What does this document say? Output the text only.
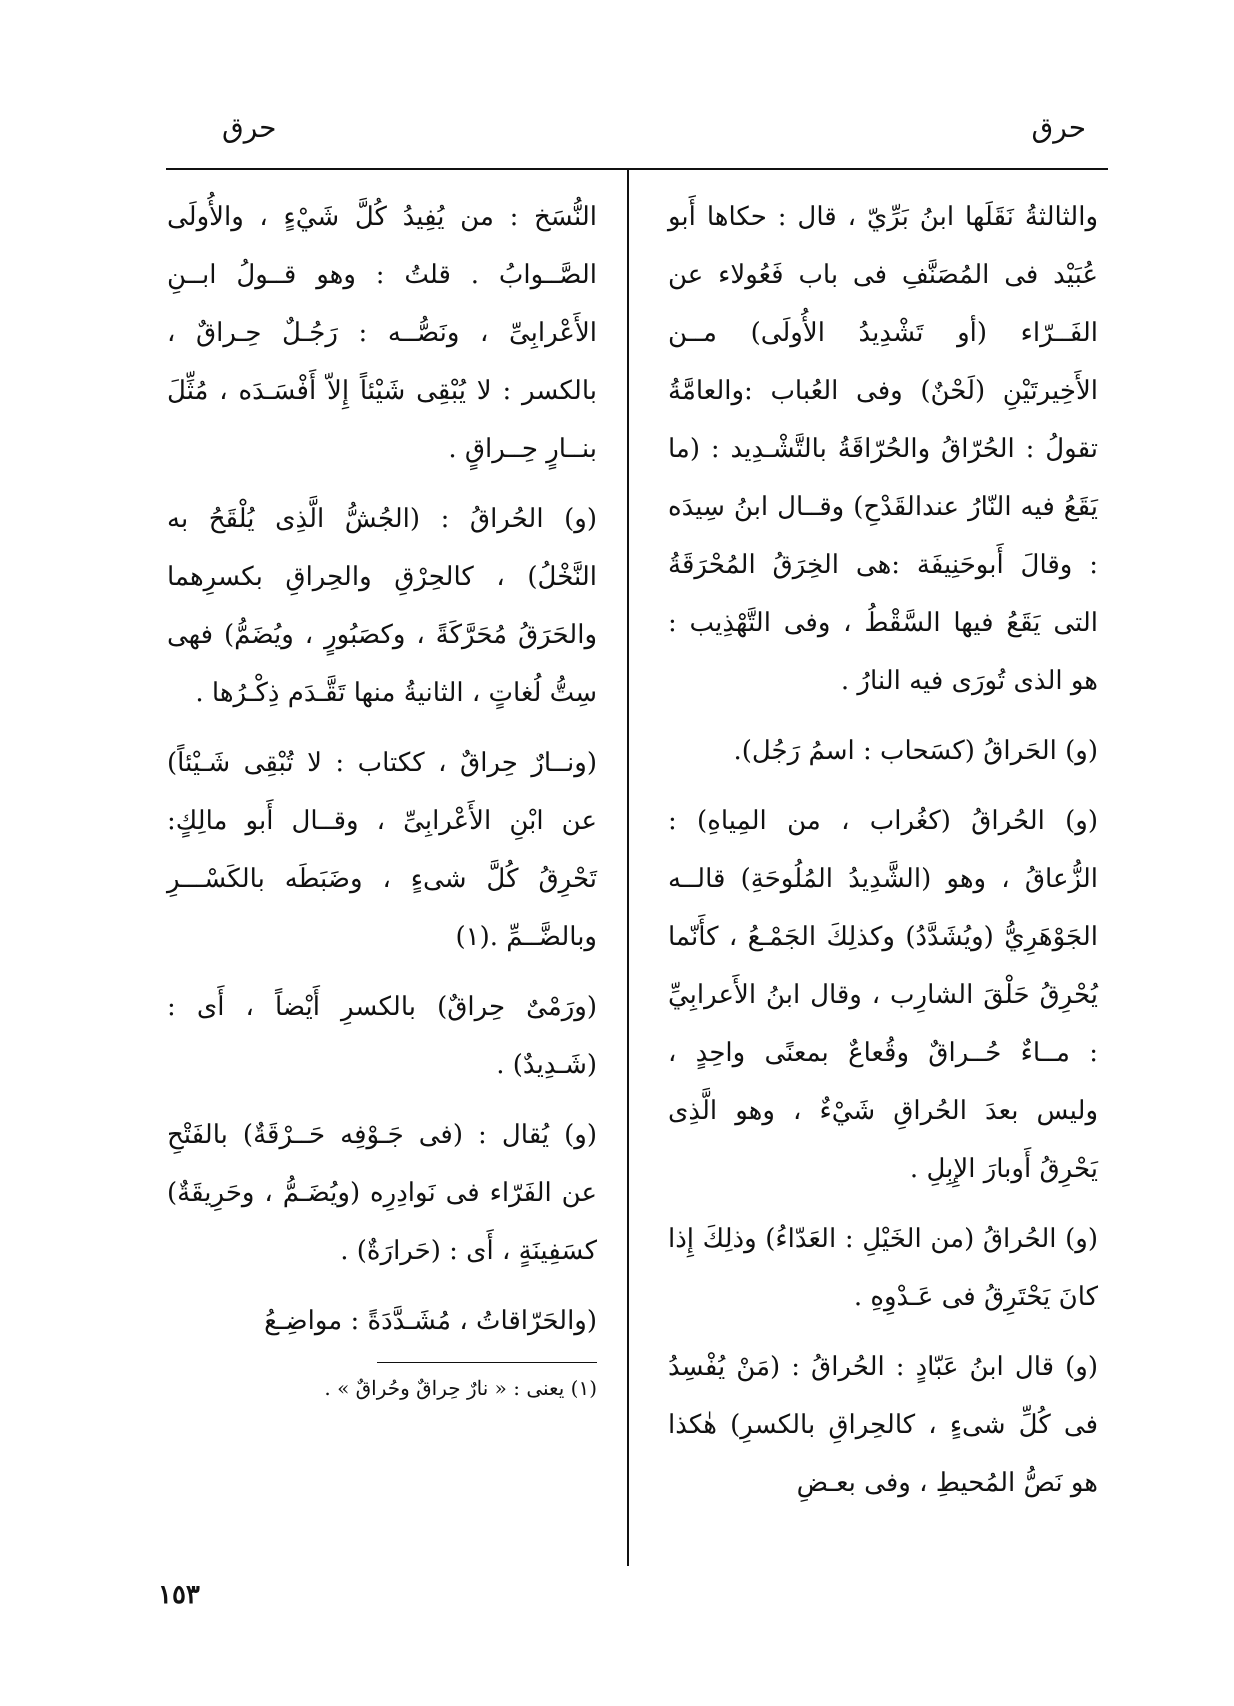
حرق
حرق

والثالثةُ نَقَلَها ابنُ بَرِّيّ ، قال : حكاها أَبو عُبَيْد فى المُصَنَّفِ فى باب فَعُولاء عن الفَــرّاء (أو تَشْدِيدُ الأُولَى) مــن الأَخِيرتَيْنِ (لَحْنٌ) وفى العُباب :والعامَّةُ تقولُ : الحُرّاقُ والحُرّاقَةُ بالتَّشْـدِيد : (ما يَقَعُ فيه النّارُ عندالقَدْحِ) وقــال ابنُ سِيدَه : وقالَ أَبوحَنِيفَة :هى الخِرَقُ المُحْرَقَةُ التى يَقَعُ فيها السَّقْطُ ، وفى التَّهْذِيب : هو الذى تُورَى فيه النارُ .

(و) الحَراقُ (كسَحاب : اسمُ رَجُل).

(و) الحُراقُ (كغُراب ، من المِياهِ) : الزُّعاقُ ، وهو (الشَّدِيدُ المُلُوحَةِ) قالــه الجَوْهَرِيُّ (ويُشَدَّدُ) وكذلِكَ الجَمْـعُ ، كأَنّما يُحْرِقُ حَلْقَ الشارِب ، وقال ابنُ الأَعرابِيِّ : مــاءٌ حُــراقٌ وقُعاعٌ بمعنًى واحِدٍ ، وليس بعدَ الحُراقِ شَيْءٌ ، وهو الَّذِى يَحْرِقُ أَوبارَ الإِبِلِ .

(و) الحُراقُ (من الخَيْلِ : العَدّاءُ) وذلِكَ إِذا كانَ يَحْتَرِقُ فى عَـدْوِهِ .

(و) قال ابنُ عَبّادٍ : الحُراقُ : (مَنْ يُفْسِدُ فى كُلِّ شىءٍ ، كالحِراقِ بالكسرِ) هٰكذا هو نَصُّ المُحيطِ ، وفى بعـضِ

النُّسَخ : من يُفِيدُ كُلَّ شَيْءٍ ، والأُولَى الصَّــوابُ . قلتُ : وهو قــولُ ابــنِ الأَعْرابِىِّ ، ونَصُّــه : رَجُـلٌ حِـراقٌ ، بالكسر : لا يُبْقِى شَيْئاً إِلاّ أَفْسَـدَه ، مُثِّلَ بنــارٍ حِــراقٍ .

(و) الحُراقُ : (الجُشُّ الَّذِى يُلْقَحُ به النَّخْلُ) ، كالحِرْقِ والحِراقِ بكسرِهما والحَرَقُ مُحَرَّكَةً ، وكصَبُورٍ ، ويُضَمُّ) فهى سِتُّ لُغاتٍ ، الثانيةُ منها تَقَّـدَم ذِكْـرُها .

(ونــارٌ حِراقٌ ، ككتاب : لا تُبْقِى شَـيْئاً) عن ابْنِ الأَعْرابِىِّ ، وقــال أَبو مالِكٍ: تَحْرِقُ كُلَّ شىءٍ ، وضَبَطَه بالكَسْـــرِ وبالضَّــمِّ .(١)

(ورَمْىٌ حِراقٌ) بالكسرِ أَيْضاً ، أَى : (شَـدِيدٌ) .

(و) يُقال : (فى جَـوْفِه حَــرْقَةٌ) بالفَتْحِ عن الفَرّاء فى نَوادِرِه (ويُضَـمُّ ، وحَرِيقَةٌ) كسَفِينَةٍ ، أَى : (حَرارَةٌ) .

(والحَرّاقاتُ ، مُشَـدَّدَةً : مواضِـعُ

(١) يعنى : « نارٌ حِراقٌ وحُراقٌ » .
١٥٣
